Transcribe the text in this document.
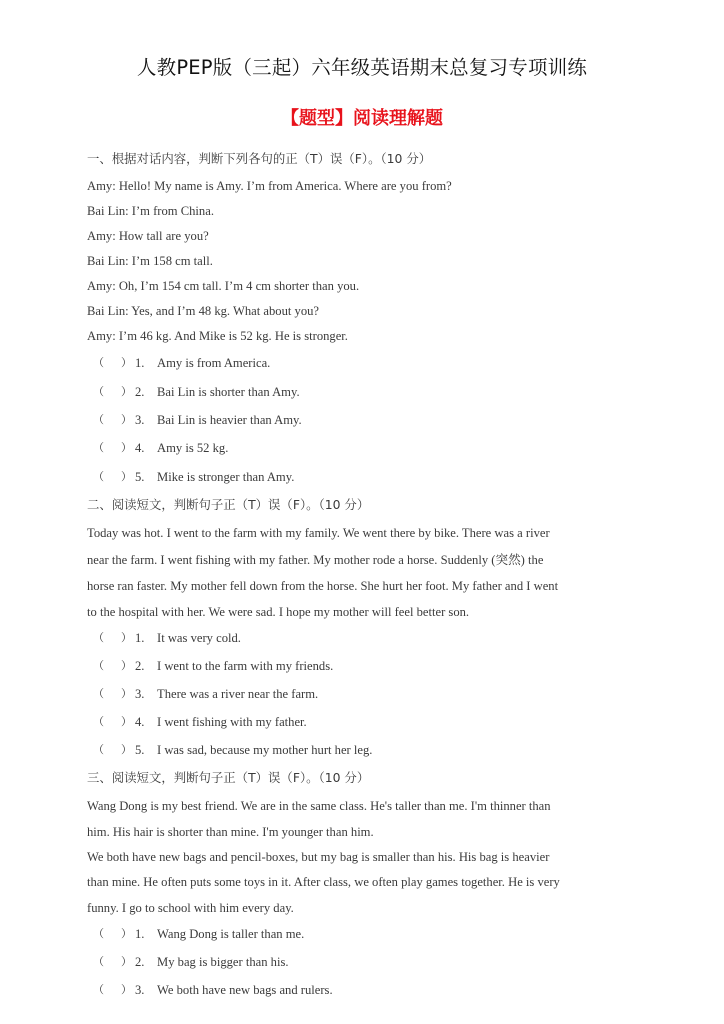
人教PEP版（三起）六年级英语期末总复习专项训练
【题型】阅读理解题
一、根据对话内容，判断下列各句的正（T）误（F）。（10 分）
Amy: Hello! My name is Amy. I’m from America. Where are you from?
Bai Lin: I’m from China.
Amy: How tall are you?
Bai Lin: I’m 158 cm tall.
Amy: Oh, I’m 154 cm tall. I’m 4 cm shorter than you.
Bai Lin: Yes, and I’m 48 kg. What about you?
Amy: I’m 46 kg. And Mike is 52 kg. He is stronger.
（ ） 1. Amy is from America.
（ ） 2. Bai Lin is shorter than Amy.
（ ） 3. Bai Lin is heavier than Amy.
（ ） 4. Amy is 52 kg.
（ ） 5. Mike is stronger than Amy.
二、阅读短文，判断句子正（T）误（F）。（10 分）
Today was hot. I went to the farm with my family. We went there by bike. There was a river
near the farm. I went fishing with my father. My mother rode a horse. Suddenly (突然) the
horse ran faster. My mother fell down from the horse. She hurt her foot. My father and I went
to the hospital with her. We were sad. I hope my mother will feel better son.
（ ） 1. It was very cold.
（ ） 2. I went to the farm with my friends.
（ ） 3. There was a river near the farm.
（ ） 4. I went fishing with my father.
（ ） 5. I was sad, because my mother hurt her leg.
三、阅读短文，判断句子正（T）误（F）。（10 分）
Wang Dong is my best friend. We are in the same class. He's taller than me. I'm thinner than
him. His hair is shorter than mine. I'm younger than him.
We both have new bags and pencil-boxes, but my bag is smaller than his. His bag is heavier
than mine. He often puts some toys in it. After class, we often play games together. He is very
funny. I go to school with him every day.
（ ） 1. Wang Dong is taller than me.
（ ） 2. My bag is bigger than his.
（ ） 3. We both have new bags and rulers.
